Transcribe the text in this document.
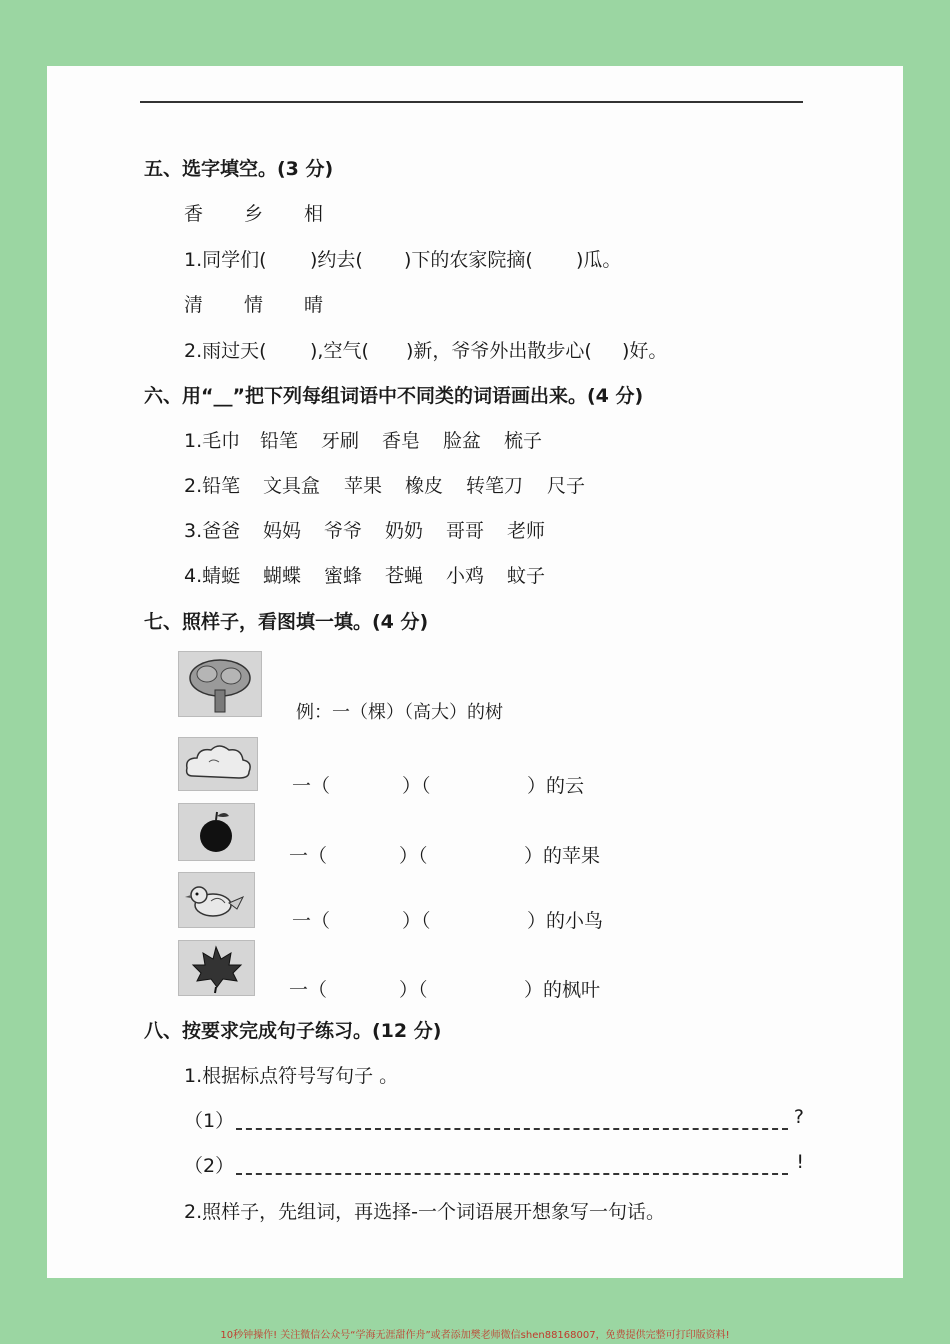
五、选字填空。(3 分)
香 乡 相
1.同学们( )约去( )下的农家院摘( )瓜。
清 情 晴
2.雨过天( ),空气( )新，爷爷外出散步心( )好。
六、用“__”把下列每组词语中不同类的词语画出来。(4 分)
1.毛巾 铅笔 牙刷 香皂 脸盆 梳子
2.铅笔 文具盒 苹果 橡皮 转笔刀 尺子
3.爸爸 妈妈 爷爷 奶奶 哥哥 老师
4.蜻蜓 蝴蝶 蜜蜂 苍蝇 小鸡 蚊子
七、照样子，看图填一填。(4 分)
例：一（棵）（高大）的树
一（	）（	）的云
一（	）（	）的苹果
一（	）（	）的小鸟
一（	）（	）的枫叶
八、按要求完成句子练习。(12 分)
1.根据标点符号写句子 。
（1）	?
（2）	!
2.照样子，先组词，再选择-一个词语展开想象写一句话。
10秒钟操作! 关注微信公众号“学海无涯甜作舟”或者添加樊老师微信shen88168007，免费提供完整可打印版资料!
